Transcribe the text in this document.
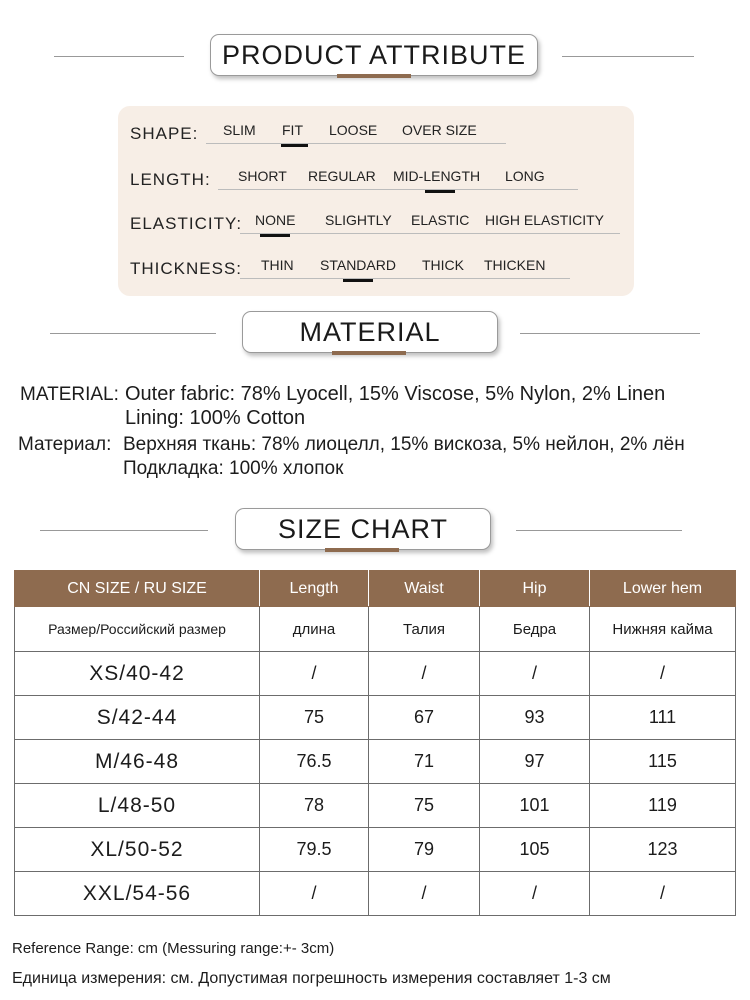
PRODUCT ATTRIBUTE
SHAPE: SLIM FIT LOOSE OVER SIZE
LENGTH: SHORT REGULAR MID-LENGTH LONG
ELASTICITY: NONE SLIGHTLY ELASTIC HIGH ELASTICITY
THICKNESS: THIN STANDARD THICK THICKEN
MATERIAL
MATERIAL: Outer fabric: 78% Lyocell, 15% Viscose, 5% Nylon, 2% Linen
Lining: 100% Cotton
Материал: Верхняя ткань: 78% лиоцелл, 15% вискоза, 5% нейлон, 2% лён
Подкладка: 100% хлопок
SIZE CHART
CN SIZE / RU SIZE	Length	Waist	Hip	Lower hem
Размер/Российский размер	длина	Талия	Бедра	Нижняя кайма
XS/40-42	/	/	/	/
S/42-44	75	67	93	111
M/46-48	76.5	71	97	115
L/48-50	78	75	101	119
XL/50-52	79.5	79	105	123
XXL/54-56	/	/	/	/
Reference Range: cm (Messuring range:+- 3cm)
Единица измерения: см. Допустимая погрешность измерения составляет 1-3 см
